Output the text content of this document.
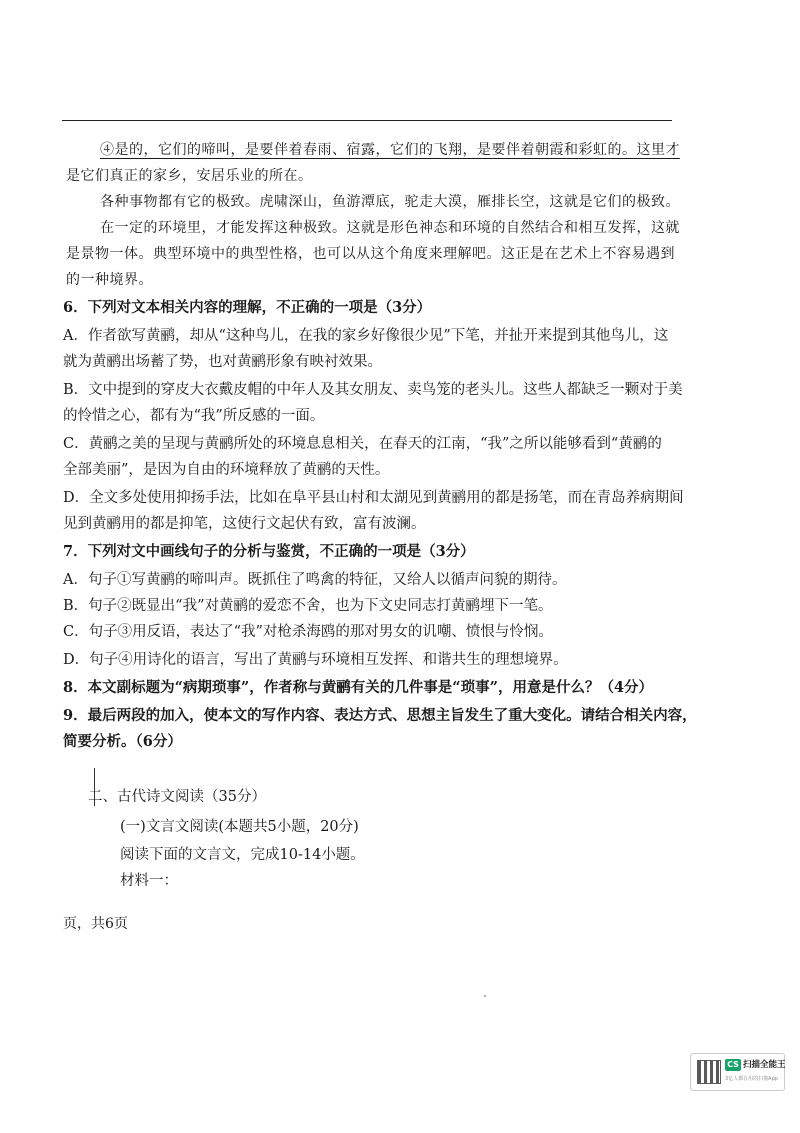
④是的，它们的啼叫，是要伴着春雨、宿露，它们的飞翔，是要伴着朝霞和彩虹的。这里才
是它们真正的家乡，安居乐业的所在。
各种事物都有它的极致。虎啸深山，鱼游潭底，驼走大漠，雁排长空，这就是它们的极致。
在一定的环境里，才能发挥这种极致。这就是形色神态和环境的自然结合和相互发挥，这就
是景物一体。典型环境中的典型性格，也可以从这个角度来理解吧。这正是在艺术上不容易遇到
的一种境界。
6．下列对文本相关内容的理解，不正确的一项是（3分）
A．作者欲写黄鹂，却从“这种鸟儿，在我的家乡好像很少见”下笔，并扯开来提到其他鸟儿，这
就为黄鹂出场蓄了势，也对黄鹂形象有映衬效果。
B．文中提到的穿皮大衣戴皮帽的中年人及其女朋友、卖鸟笼的老头儿。这些人都缺乏一颗对于美
的怜惜之心，都有为“我”所反感的一面。
C．黄鹂之美的呈现与黄鹂所处的环境息息相关，在春天的江南，“我”之所以能够看到“黄鹂的
全部美丽”，是因为自由的环境释放了黄鹂的天性。
D．全文多处使用抑扬手法，比如在阜平县山村和太湖见到黄鹂用的都是扬笔，而在青岛养病期间
见到黄鹂用的都是抑笔，这使行文起伏有致，富有波澜。
7．下列对文中画线句子的分析与鉴赏，不正确的一项是（3分）
A．句子①写黄鹂的啼叫声。既抓住了鸣禽的特征，又给人以循声问貌的期待。
B．句子②既显出“我”对黄鹂的爱恋不舍，也为下文史同志打黄鹂埋下一笔。
C．句子③用反语，表达了“我”对枪杀海鸥的那对男女的讥嘲、愤恨与怜悯。
D．句子④用诗化的语言，写出了黄鹂与环境相互发挥、和谐共生的理想境界。
8．本文副标题为“病期琐事”，作者称与黄鹂有关的几件事是“琐事”，用意是什么？（4分）
9．最后两段的加入，使本文的写作内容、表达方式、思想主旨发生了重大变化。请结合相关内容，
简要分析。（6分）
二、古代诗文阅读（35分）
(一)文言文阅读(本题共5小题，20分)
阅读下面的文言文，完成10-14小题。
材料一：
页，共6页
CS 扫描全能王
3亿人都在用的扫描App
